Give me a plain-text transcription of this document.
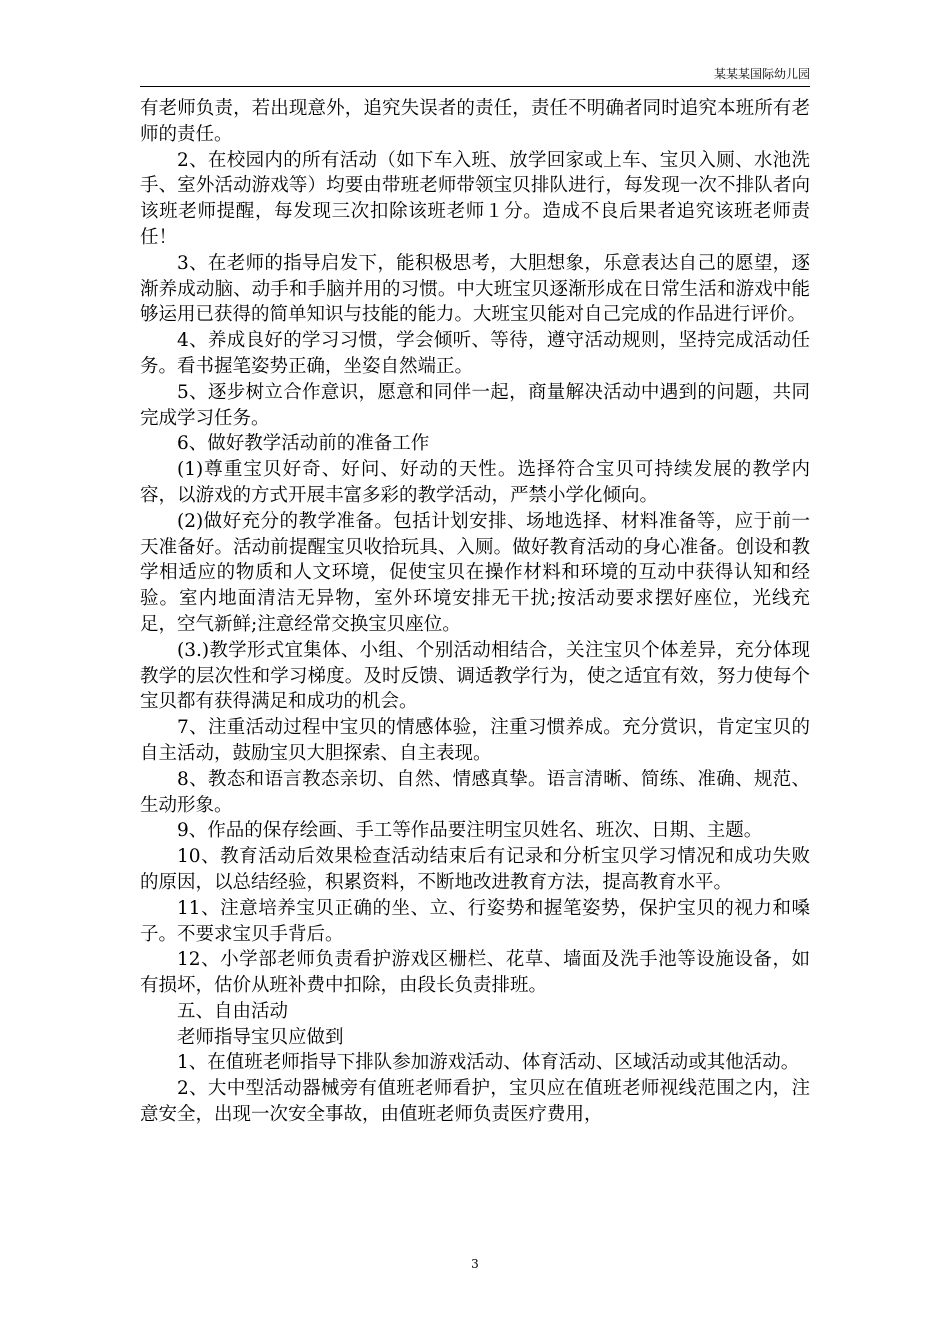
某某某国际幼儿园

有老师负责，若出现意外，追究失误者的责任，责任不明确者同时追究本班所有老师的责任。

2、在校园内的所有活动（如下车入班、放学回家或上车、宝贝入厕、水池洗手、室外活动游戏等）均要由带班老师带领宝贝排队进行，每发现一次不排队者向该班老师提醒，每发现三次扣除该班老师１分。造成不良后果者追究该班老师责任！

3、在老师的指导启发下，能积极思考，大胆想象，乐意表达自己的愿望，逐渐养成动脑、动手和手脑并用的习惯。中大班宝贝逐渐形成在日常生活和游戏中能够运用已获得的简单知识与技能的能力。大班宝贝能对自己完成的作品进行评价。

4、养成良好的学习习惯，学会倾听、等待，遵守活动规则，坚持完成活动任务。看书握笔姿势正确，坐姿自然端正。

5、逐步树立合作意识，愿意和同伴一起，商量解决活动中遇到的问题，共同完成学习任务。

6、做好教学活动前的准备工作

(1)尊重宝贝好奇、好问、好动的天性。选择符合宝贝可持续发展的教学内容，以游戏的方式开展丰富多彩的教学活动，严禁小学化倾向。

(2)做好充分的教学准备。包括计划安排、场地选择、材料准备等，应于前一天准备好。活动前提醒宝贝收拾玩具、入厕。做好教育活动的身心准备。创设和教学相适应的物质和人文环境，促使宝贝在操作材料和环境的互动中获得认知和经验。室内地面清洁无异物，室外环境安排无干扰;按活动要求摆好座位，光线充足，空气新鲜;注意经常交换宝贝座位。

(3.)教学形式宜集体、小组、个别活动相结合，关注宝贝个体差异，充分体现教学的层次性和学习梯度。及时反馈、调适教学行为，使之适宜有效，努力使每个宝贝都有获得满足和成功的机会。

7、注重活动过程中宝贝的情感体验，注重习惯养成。充分赏识，肯定宝贝的自主活动，鼓励宝贝大胆探索、自主表现。

8、教态和语言教态亲切、自然、情感真挚。语言清晰、简练、准确、规范、生动形象。

9、作品的保存绘画、手工等作品要注明宝贝姓名、班次、日期、主题。

10、教育活动后效果检查活动结束后有记录和分析宝贝学习情况和成功失败的原因，以总结经验，积累资料，不断地改进教育方法，提高教育水平。

11、注意培养宝贝正确的坐、立、行姿势和握笔姿势，保护宝贝的视力和嗓子。不要求宝贝手背后。

12、小学部老师负责看护游戏区栅栏、花草、墙面及洗手池等设施设备，如有损坏，估价从班补费中扣除，由段长负责排班。

五、自由活动

老师指导宝贝应做到

1、在值班老师指导下排队参加游戏活动、体育活动、区域活动或其他活动。

2、大中型活动器械旁有值班老师看护，宝贝应在值班老师视线范围之内，注意安全，出现一次安全事故，由值班老师负责医疗费用，

3
